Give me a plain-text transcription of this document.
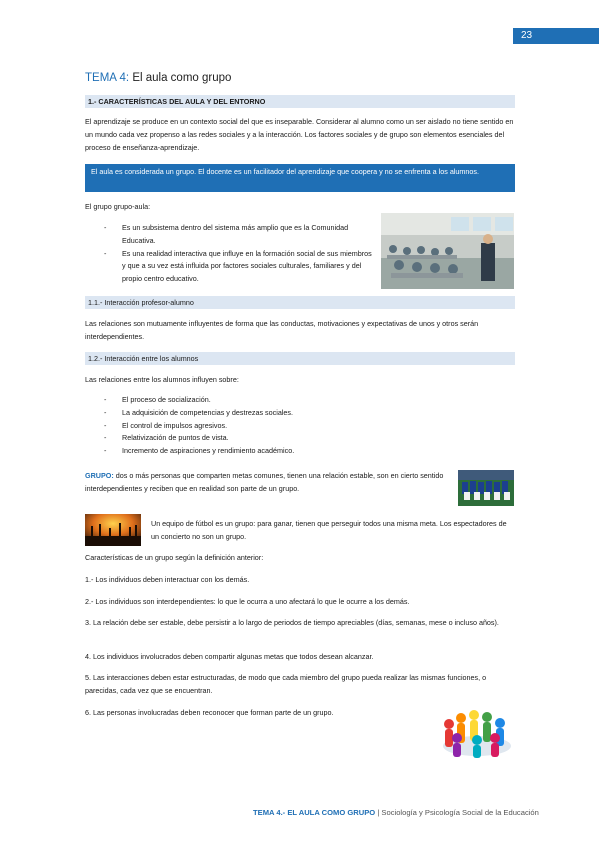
23
TEMA 4: El aula como grupo
1.- CARACTERÍSTICAS DEL AULA Y DEL ENTORNO
El aprendizaje se produce en un contexto social del que es inseparable. Considerar al alumno como un ser aislado no tiene sentido en un mundo cada vez propenso a las redes sociales y a la interacción. Los factores sociales y de grupo son elementos esenciales del proceso de enseñanza-aprendizaje.
El aula es considerada un grupo. El docente es un facilitador del aprendizaje que coopera y no se enfrenta a los alumnos.
El grupo grupo-aula:
- Es un subsistema dentro del sistema más amplio que es la Comunidad Educativa.
- Es una realidad interactiva que influye en la formación social de sus miembros y que a su vez está influida por factores sociales culturales, familiares y del propio centro educativo.
1.1.- Interacción profesor-alumno
Las relaciones son mutuamente influyentes de forma que las conductas, motivaciones y expectativas de unos y otros serán interdependientes.
1.2.- Interacción entre los alumnos
Las relaciones entre los alumnos influyen sobre:
- El proceso de socialización.
- La adquisición de competencias y destrezas sociales.
- El control de impulsos agresivos.
- Relativización de puntos de vista.
- Incremento de aspiraciones y rendimiento académico.
GRUPO: dos o más personas que comparten metas comunes, tienen una relación estable, son en cierto sentido interdependientes y reciben que en realidad son parte de un grupo.
Un equipo de fútbol es un grupo: para ganar, tienen que perseguir todos una misma meta. Los espectadores de un concierto no son un grupo.
Características de un grupo según la definición anterior:
1.- Los individuos deben interactuar con los demás.
2.- Los individuos son interdependientes: lo que le ocurra a uno afectará lo que le ocurre a los demás.
3. La relación debe ser estable, debe persistir a lo largo de periodos de tiempo apreciables (días, semanas, mese o incluso años).
4. Los individuos involucrados deben compartir algunas metas que todos desean alcanzar.
5. Las interacciones deben estar estructuradas, de modo que cada miembro del grupo pueda realizar las mismas funciones, o parecidas, cada vez que se encuentran.
6. Las personas involucradas deben reconocer que forman parte de un grupo.
TEMA 4.- EL AULA COMO GRUPO | Sociología y Psicología Social de la Educación
